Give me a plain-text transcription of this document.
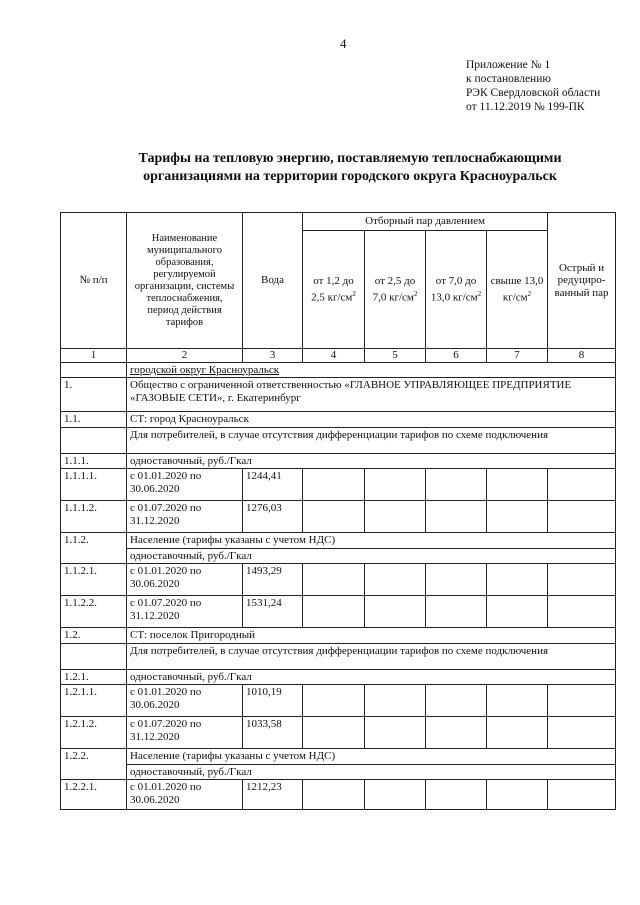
4
Приложение № 1
к постановлению
РЭК Свердловской области
от 11.12.2019 № 199-ПК
Тарифы на тепловую энергию, поставляемую теплоснабжающими
организациями на территории городского округа Красноуральск
№ п/п	Наименование муниципального образования, регулируемой организации, системы теплоснабжения, период действия тарифов	Вода	Отборный пар давлением				Острый и редуциро-ванный пар
			от 1,2 до 2,5 $кг/см^2$	от 2,5 до 7,0 $кг/см^2$	от 7,0 до 13,0 $кг/см^2$	свыше 13,0 $кг/см^2$
1	2	3	4	5	6	7	8
	городской округ Красноуральск						
1.	Общество с ограниченной ответственностью «ГЛАВНОЕ УПРАВЛЯЮЩЕЕ ПРЕДПРИЯТИЕ «ГАЗОВЫЕ СЕТИ», г. Екатеринбург						
1.1.	СТ: город Красноуральск						
	Для потребителей, в случае отсутствия дифференциации тарифов по схеме подключения						
1.1.1.	одноставочный, руб./Гкал						
1.1.1.1.	с 01.01.2020 по 30.06.2020	1244,41					
1.1.1.2.	с 01.07.2020 по 31.12.2020	1276,03					
1.1.2.	Население (тарифы указаны с учетом НДС)						
	одноставочный, руб./Гкал						
1.1.2.1.	с 01.01.2020 по 30.06.2020	1493,29					
1.1.2.2.	с 01.07.2020 по 31.12.2020	1531,24					
1.2.	СТ: поселок Пригородный						
	Для потребителей, в случае отсутствия дифференциации тарифов по схеме подключения						
1.2.1.	одноставочный, руб./Гкал						
1.2.1.1.	с 01.01.2020 по 30.06.2020	1010,19					
1.2.1.2.	с 01.07.2020 по 31.12.2020	1033,58					
1.2.2.	Население (тарифы указаны с учетом НДС)						
	одноставочный, руб./Гкал						
1.2.2.1.	с 01.01.2020 по 30.06.2020	1212,23					
